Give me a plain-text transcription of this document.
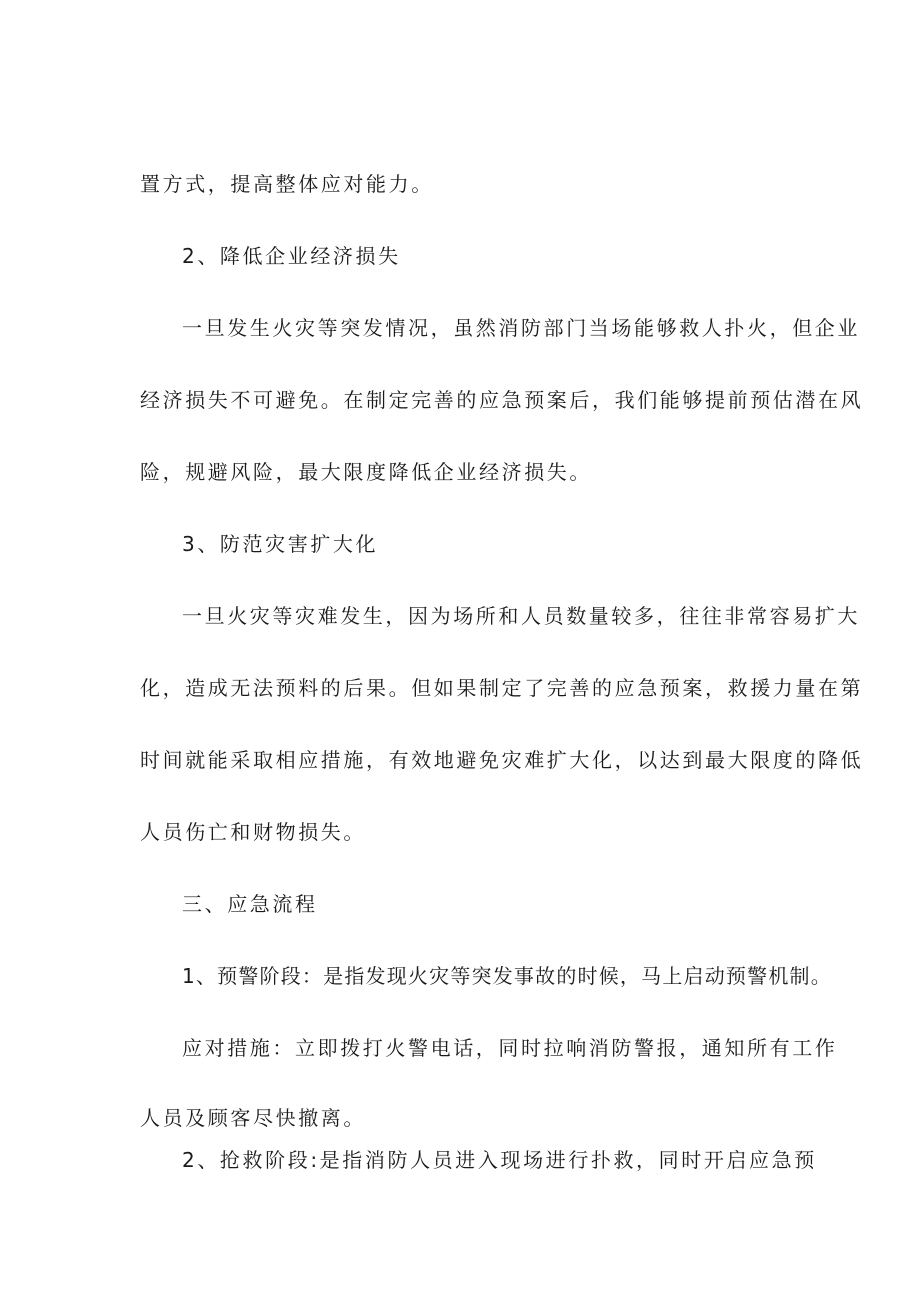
置方式，提高整体应对能力。
2、降低企业经济损失
一旦发生火灾等突发情况，虽然消防部门当场能够救人扑火，但企业
经济损失不可避免。在制定完善的应急预案后，我们能够提前预估潜在风
险，规避风险，最大限度降低企业经济损失。
3、防范灾害扩大化
一旦火灾等灾难发生，因为场所和人员数量较多，往往非常容易扩大
化，造成无法预料的后果。但如果制定了完善的应急预案，救援力量在第
时间就能采取相应措施，有效地避免灾难扩大化，以达到最大限度的降低
人员伤亡和财物损失。
三、应急流程
1、预警阶段：是指发现火灾等突发事故的时候，马上启动预警机制。
应对措施：立即拨打火警电话，同时拉响消防警报，通知所有工作
人员及顾客尽快撤离。
2、抢救阶段:是指消防人员进入现场进行扑救，同时开启应急预
